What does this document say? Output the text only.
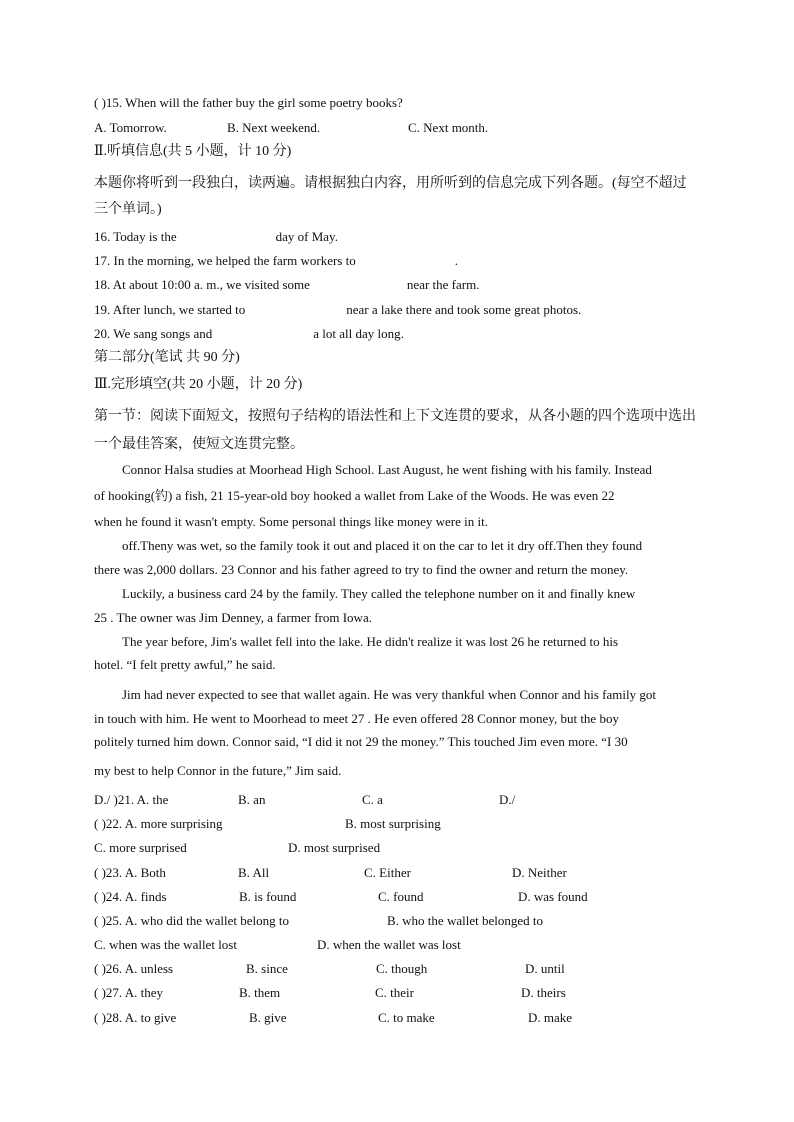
( )15. When will the father buy the girl some poetry books?
A. Tomorrow.	B. Next weekend.	C. Next month.
Ⅱ.听填信息(共 5 小题，计 10 分)
本题你将听到一段独白，读两遍。请根据独白内容，用所听到的信息完成下列各题。(每空不超过
三个单词。)
16. Today is the	day of May.
17. In the morning, we helped the farm workers to	.
18. At about 10:00 a. m., we visited some	near the farm.
19. After lunch, we started to	near a lake there and took some great photos.
20. We sang songs and	a lot all day long.
第二部分(笔试 共 90 分)
Ⅲ.完形填空(共 20 小题，计 20 分)
第一节：阅读下面短文，按照句子结构的语法性和上下文连贯的要求，从各小题的四个选项中选出
一个最佳答案，使短文连贯完整。
Connor Halsa studies at Moorhead High School. Last August, he went fishing with his family. Instead
of hooking(钓) a fish, 21 15-year-old boy hooked a wallet from Lake of the Woods. He was even 22
when he found it wasn't empty. Some personal things like money were in it.
off.Theny was wet, so the family took it out and placed it on the car to let it dry off.Then they found
there was 2,000 dollars. 23 Connor and his father agreed to try to find the owner and return the money.
Luckily, a business card 24 by the family. They called the telephone number on it and finally knew
25 . The owner was Jim Denney, a farmer from Iowa.
The year before, Jim's wallet fell into the lake. He didn't realize it was lost 26 he returned to his
hotel. “I felt pretty awful,” he said.
Jim had never expected to see that wallet again. He was very thankful when Connor and his family got
in touch with him. He went to Moorhead to meet 27 . He even offered 28 Connor money, but the boy
politely turned him down. Connor said, “I did it not 29 the money.” This touched Jim even more. “I 30
my best to help Connor in the future,” Jim said.
D./ )21. A. the	B. an	C. a	D./
( )22. A. more surprising	B. most surprising
C. more surprised	D. most surprised
( )23. A. Both	B. All	C. Either	D. Neither
( )24. A. finds	B. is found	C. found	D. was found
( )25. A. who did the wallet belong to	B. who the wallet belonged to
C. when was the wallet lost	D. when the wallet was lost
( )26. A. unless	B. since	C. though	D. until
( )27. A. they	B. them	C. their	D. theirs
( )28. A. to give	B. give	C. to make	D. make
